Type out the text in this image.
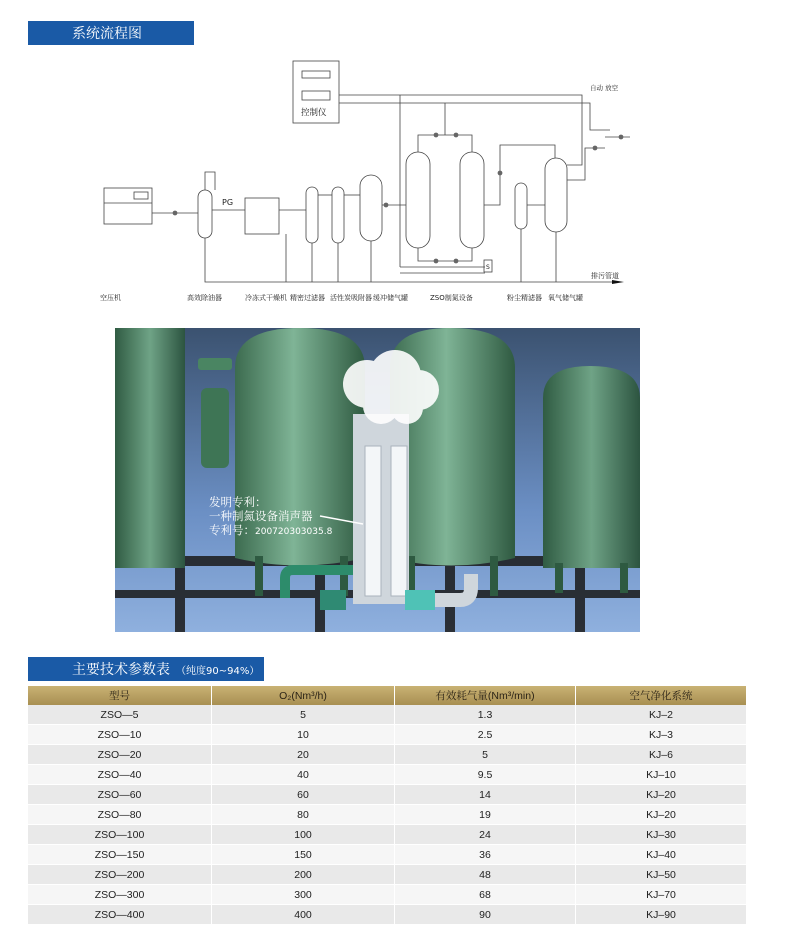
系统流程图
控制仪
PG
S
自动 放空
排污管道
空压机	高效除油器	冷冻式干燥机 精密过滤器 活性炭吸附器 缓冲储气罐	ZSO制氮设备	粉尘精滤器 氧气储气罐
发明专利：
一种制氮设备消声器
专利号： 200720303035.8
主要技术参数表 （纯度90~94%）
型号	O₂(Nm³/h)	有效耗气量(Nm³/min)	空气净化系统
ZSO—5	5	1.3	KJ–2
ZSO—10	10	2.5	KJ–3
ZSO—20	20	5	KJ–6
ZSO—40	40	9.5	KJ–10
ZSO—60	60	14	KJ–20
ZSO—80	80	19	KJ–20
ZSO—100	100	24	KJ–30
ZSO—150	150	36	KJ–40
ZSO—200	200	48	KJ–50
ZSO—300	300	68	KJ–70
ZSO—400	400	90	KJ–90
